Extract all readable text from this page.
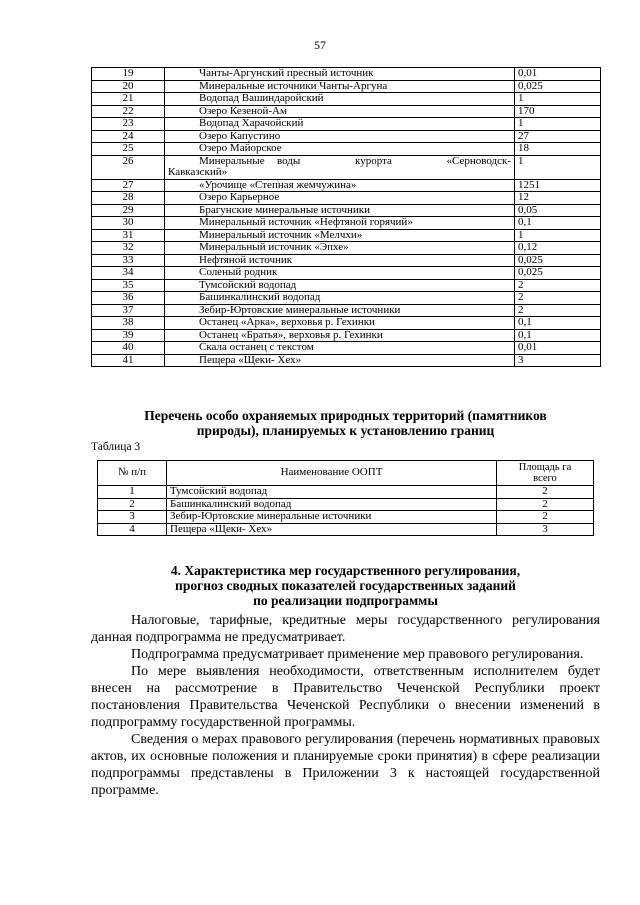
57
19	Чанты-Аргунский пресный источник	0,01
20	Минеральные источники Чанты-Аргуна	0,025
21	Водопад Вашиндаройский	1
22	Озеро Кезеной-Ам	170
23	Водопад Харачойский	1
24	Озеро Капустино	27
25	Озеро Майорское	18
26	Минеральные воды курорта «Серноводск-
Кавказский»	1
27	«Урочище «Степная жемчужина»	1251
28	Озеро Карьерное	12
29	Брагунские минеральные источники	0,05
30	Минеральный источник «Нефтяной горячий»	0,1
31	Минеральный источник «Мелчхи»	1
32	Минеральный источник «Эпхе»	0,12
33	Нефтяной источник	0,025
34	Соленый родник	0,025
35	Тумсойский водопад	2
36	Башинкалинский водопад	2
37	Зебир-Юртовские минеральные источники	2
38	Останец «Арка», верховья р. Гехинки	0,1
39	Останец «Братья», верховья р. Гехинки	0,1
40	Скала останец с текстом	0,01
41	Пещера «Щеки- Хех»	3
Перечень особо охраняемых природных территорий (памятников
природы), планируемых к установлению границ
Таблица 3
№ п/п	Наименование ООПТ	Площадь га
всего

1	Тумсойский водопад	2
2	Башинкалинский водопад	2
3	Зебир-Юртовские минеральные источники	2
4	Пещера «Щеки- Хех»	3
4. Характеристика мер государственного регулирования,
прогноз сводных показателей государственных заданий
по реализации подпрограммы

Налоговые, тарифные, кредитные меры государственного регулирования данная подпрограмма не предусматривает.

Подпрограмма предусматривает применение мер правового регулирования.

По мере выявления необходимости, ответственным исполнителем будет внесен на рассмотрение в Правительство Чеченской Республики проект постановления Правительства Чеченской Республики о внесении изменений в подпрограмму государственной программы.

Сведения о мерах правового регулирования (перечень нормативных правовых актов, их основные положения и планируемые сроки принятия) в сфере реализации подпрограммы представлены в Приложении 3 к настоящей государственной программе.
